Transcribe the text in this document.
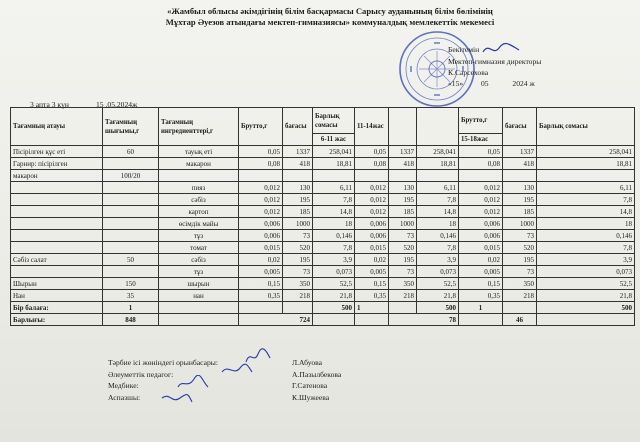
«Жамбыл облысы әкімдігінің білім басқармасы Сарысу ауданының білім бөлімінің
Мұхтар Әуезов атындағы мектеп-гимназиясы» коммуналдық мемлекеттік мекемесі
Бекітемін
Мектеп-гимназия директоры
К.Сарсехова
«15» 05	2024 ж
3 апта 3 күн	15 .05.2024ж
Тағамның атауы	Тағамның шығымы,г	Тағамның ингредиенттері,г	Брутто,г	бағасы	Барлық сомасы	11-14жас			Брутто,г	бағасы	Барлық сомасы
					6-11 жас				15-18жас		
Пісірілген құс еті	60	тауық еті	0,05	1337	258,041	0,05	1337	258,041	0,05	1337	258,041
Гарнир: пісірілген		макарон	0,08	418	18,81	0,08	418	18,81	0,08	418	18,81
макарон	100/20										
		пияз	0,012	130	6,11	0,012	130	6,11	0,012	130	6,11
		сәбіз	0,012	195	7,8	0,012	195	7,8	0,012	195	7,8
		картоп	0,012	185	14,8	0,012	185	14,8	0,012	185	14,8
		өсімдік майы	0,006	1000	18	0,006	1000	18	0,006	1000	18
		тұз	0,006	73	0,146	0,006	73	0,146	0,006	73	0,146
		томат	0,015	520	7,8	0,015	520	7,8	0,015	520	7,8
Сәбіз салат	50	сәбіз	0,02	195	3,9	0,02	195	3,9	0,02	195	3,9
		тұз	0,005	73	0,073	0,005	73	0,073	0,005	73	0,073
Шырын	150	шырын	0,15	350	52,5	0,15	350	52,5	0,15	350	52,5
Нан	35	нан	0,35	218	21,8	0,35	218	21,8	0,35	218	21,8
Бір балаға:	1				500	1		500	1		500
Барлығы:	848		724				78			46	
Тәрбие ісі жөніндегі орынбасары:
Әлеуметтік педагог:
Медбике:
Аспазшы:
Л.Абуова
А.Пазылбекова
Г.Сатенова
К.Шужеева
